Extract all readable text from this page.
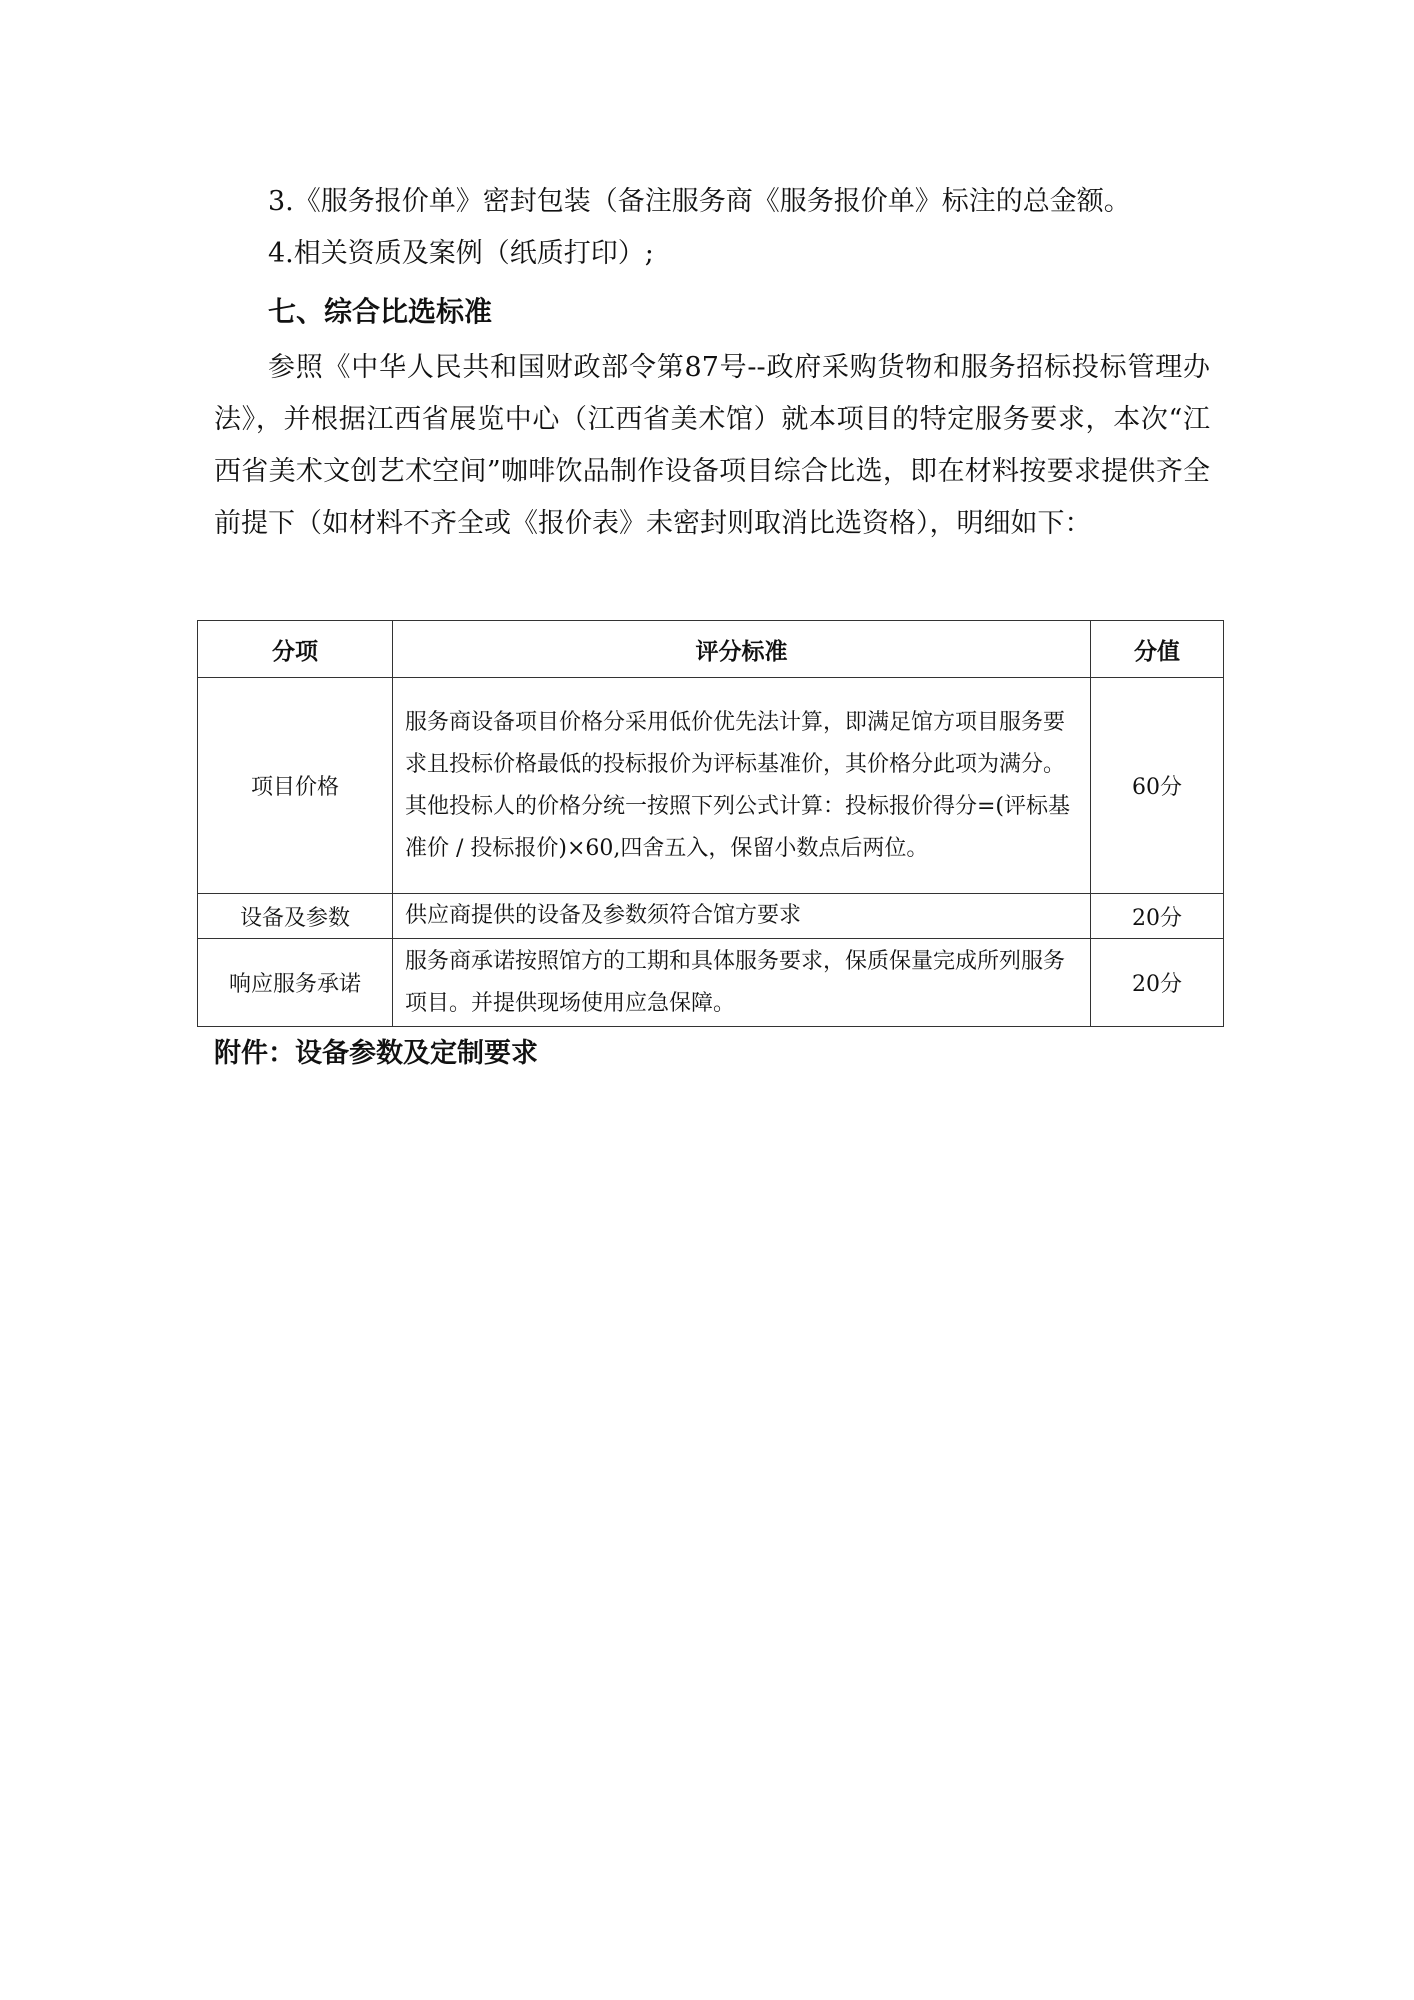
3.《服务报价单》密封包装（备注服务商《服务报价单》标注的总金额。

4.相关资质及案例（纸质打印）;

七、综合比选标准

参照《中华人民共和国财政部令第87号--政府采购货物和服务招标投标管理办法》，并根据江西省展览中心（江西省美术馆）就本项目的特定服务要求，本次“江西省美术文创艺术空间”咖啡饮品制作设备项目综合比选，即在材料按要求提供齐全前提下（如材料不齐全或《报价表》未密封则取消比选资格），明细如下：

分项	评分标准	分值
项目价格	服务商设备项目价格分采用低价优先法计算，即满足馆方项目服务要求且投标价格最低的投标报价为评标基准价，其价格分此项为满分。其他投标人的价格分统一按照下列公式计算：投标报价得分=(评标基准价 / 投标报价)×60,四舍五入，保留小数点后两位。	60分
设备及参数	供应商提供的设备及参数须符合馆方要求	20分
响应服务承诺	服务商承诺按照馆方的工期和具体服务要求，保质保量完成所列服务项目。并提供现场使用应急保障。	20分

附件：设备参数及定制要求
